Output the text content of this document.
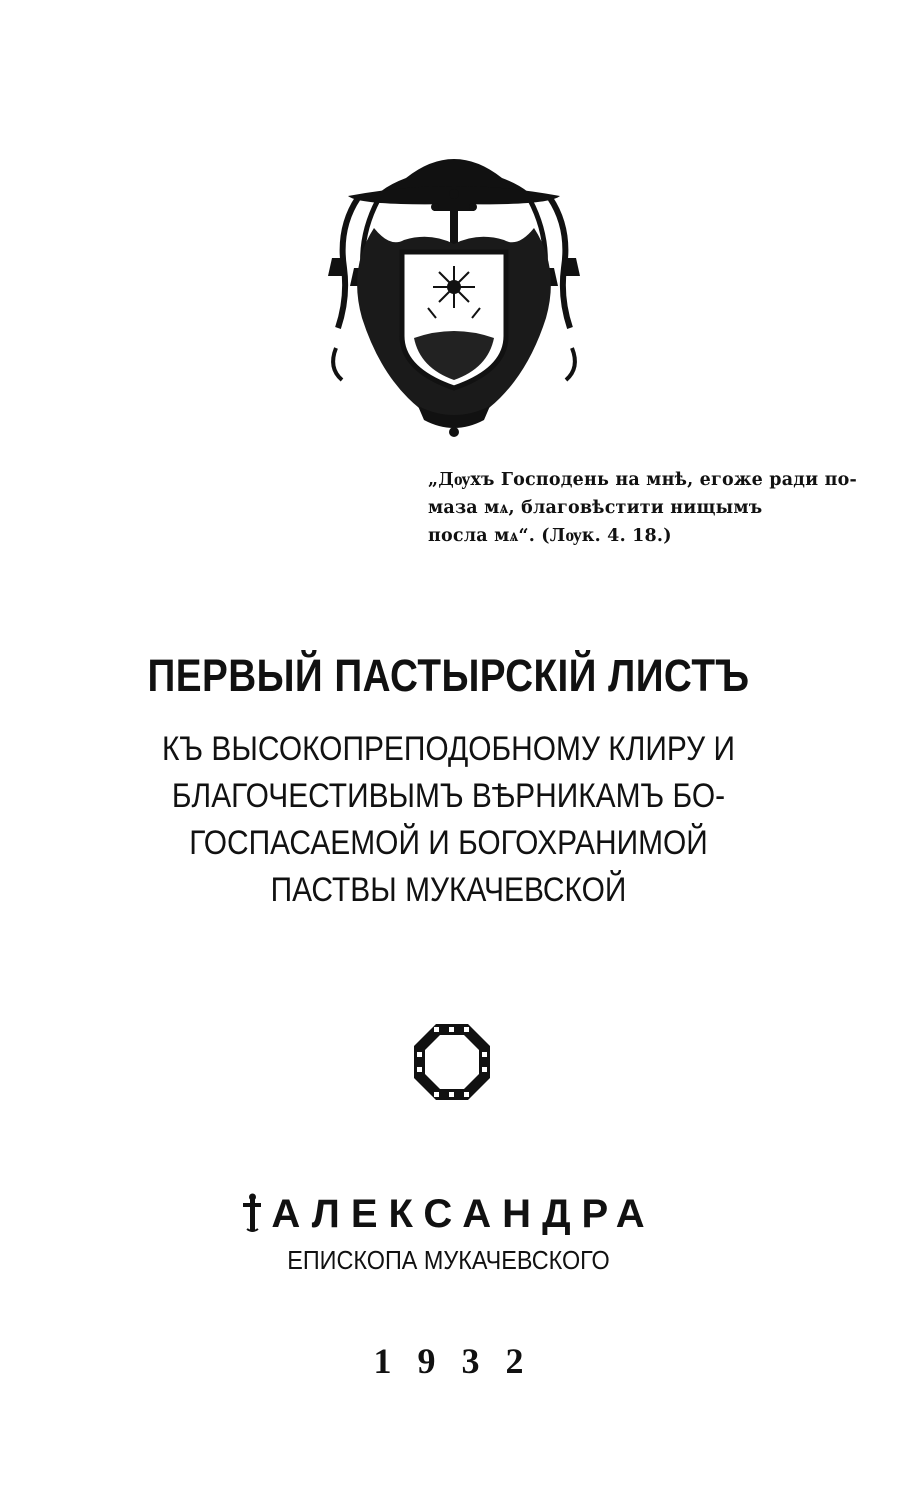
„Дѹхъ Господень на мнѣ, егоже ради по-
маза мѧ, благовѣстити нищымъ
посла мѧ“. (Лѹк. 4. 18.)

ПЕРВЫЙ ПАСТЫРСКІЙ ЛИСТЪ

КЪ ВЫСОКОПРЕПОДОБНОМУ КЛИРУ И
БЛАГОЧЕСТИВЫМЪ ВѢРНИКАМЪ БО-
ГОСПАСАЕМОЙ И БОГОХРАНИМОЙ
ПАСТВЫ МУКАЧЕВСКОЙ

АЛЕКСАНДРА

ЕПИСКОПА МУКАЧЕВСКОГО

1932
